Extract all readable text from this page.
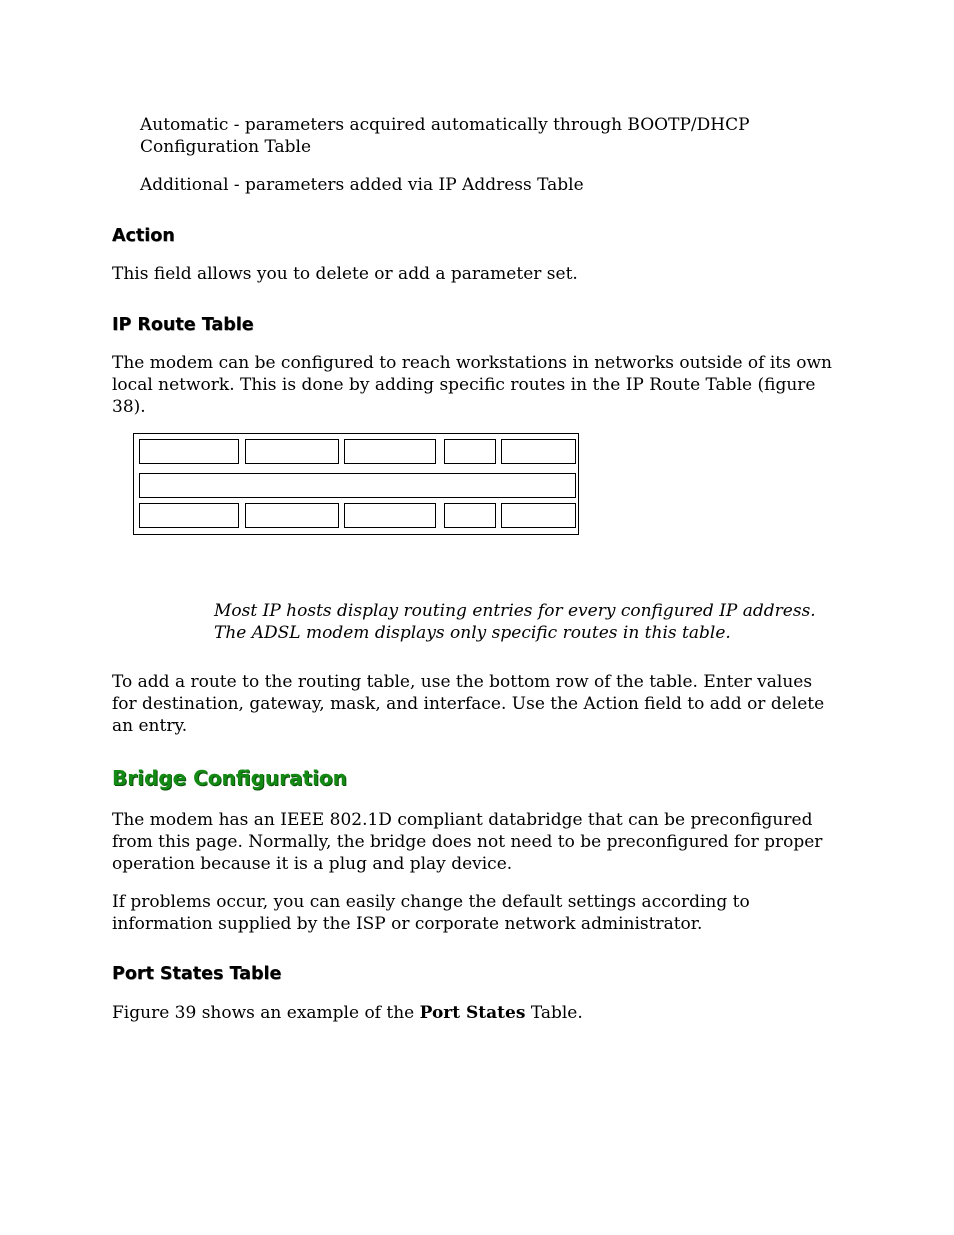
Automatic - parameters acquired automatically through BOOTP/DHCP Configuration Table

Additional - parameters added via IP Address Table

Action

This field allows you to delete or add a parameter set.

IP Route Table

The modem can be configured to reach workstations in networks outside of its own local network. This is done by adding specific routes in the IP Route Table (figure 38).

Most IP hosts display routing entries for every configured IP address. The ADSL modem displays only specific routes in this table.

To add a route to the routing table, use the bottom row of the table. Enter values for destination, gateway, mask, and interface. Use the Action field to add or delete an entry.

Bridge Configuration

The modem has an IEEE 802.1D compliant databridge that can be preconfigured from this page. Normally, the bridge does not need to be preconfigured for proper operation because it is a plug and play device.

If problems occur, you can easily change the default settings according to information supplied by the ISP or corporate network administrator.

Port States Table

Figure 39 shows an example of the Port States Table.
